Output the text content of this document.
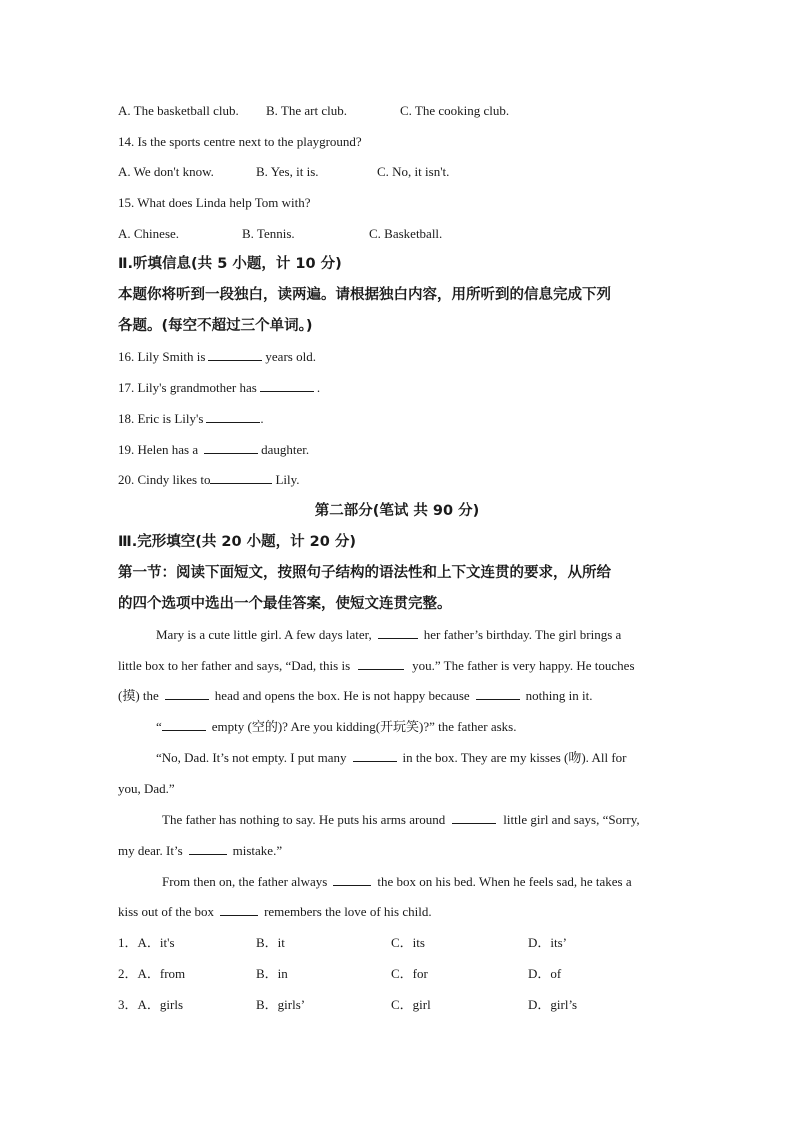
A. The basketball club. B. The art club.	C. The cooking club.
14. Is the sports centre next to the playground?
A. We don't know.	B. Yes, it is.	C. No, it isn't.
15. What does Linda help Tom with?
A. Chinese.	B. Tennis.	C. Basketball.
Ⅱ.听填信息(共 5 小题，计 10 分)
本题你将听到一段独白，读两遍。请根据独白内容，用所听到的信息完成下列
各题。(每空不超过三个单词。)
16. Lily Smith is	years old.
17. Lily's grandmother has	.
18. Eric is Lily's	.
19. Helen has a	daughter.
20. Cindy likes to	Lily.
第二部分(笔试 共 90 分)
Ⅲ.完形填空(共 20 小题，计 20 分)
第一节：阅读下面短文，按照句子结构的语法性和上下文连贯的要求，从所给
的四个选项中选出一个最佳答案，使短文连贯完整。
Mary is a cute little girl. A few days later,	her father’s birthday. The girl brings a
little box to her father and says, “Dad, this is	you.” The father is very happy. He touches
(摸) the	head and opens the box. He is not happy because	nothing in it.
“	empty (空的)? Are you kidding(开玩笑)?” the father asks.
“No, Dad. It’s not empty. I put many	in the box. They are my kisses (吻). All for
you, Dad.”
The father has nothing to say. He puts his arms around	little girl and says, “Sorry,
my dear. It’s	mistake.”
From then on, the father always	the box on his bed. When he feels sad, he takes a
kiss out of the box	remembers the love of his child.
1．A．it's	B．it	C．its	D．its’
2．A．from	B．in	C．for	D．of
3．A．girls	B．girls’	C．girl	D．girl’s
